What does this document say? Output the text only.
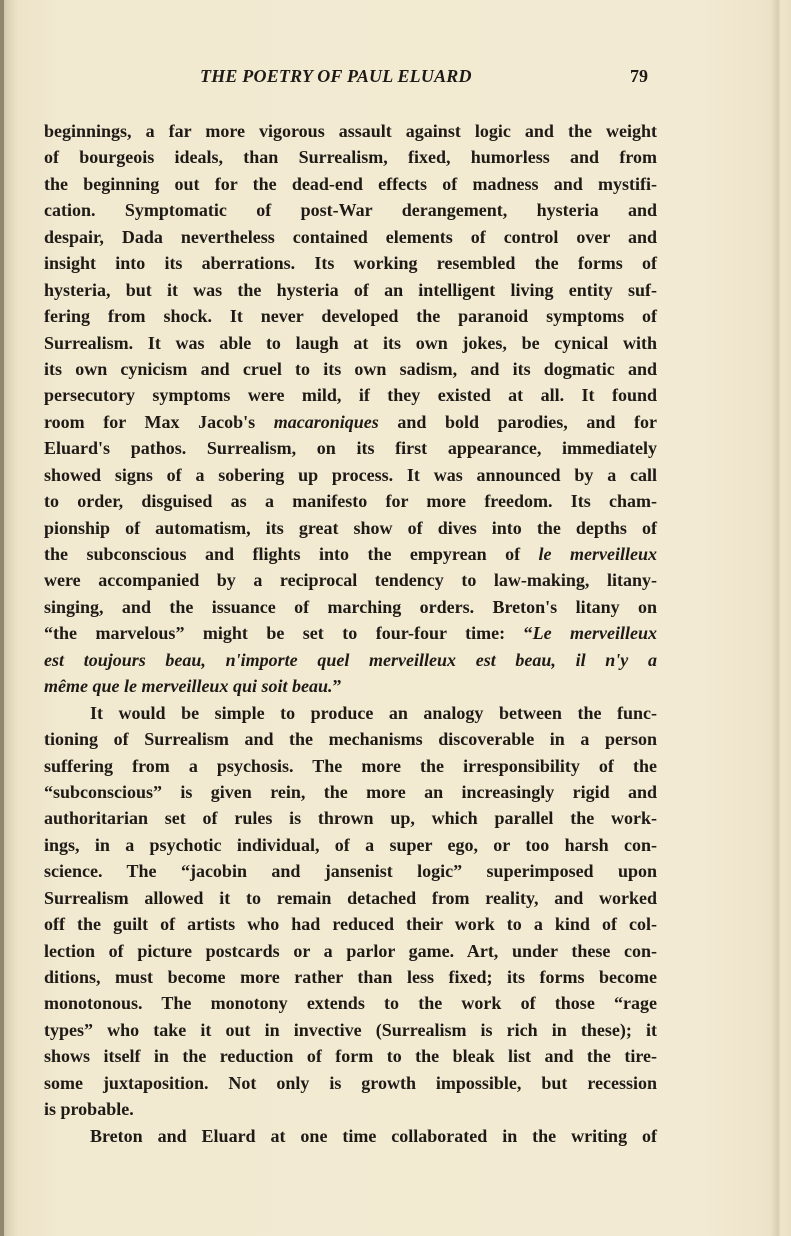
THE POETRY OF PAUL ELUARD	79
beginnings, a far more vigorous assault against logic and the weight
of bourgeois ideals, than Surrealism, fixed, humorless and from
the beginning out for the dead-end effects of madness and mystifi-
cation. Symptomatic of post-War derangement, hysteria and
despair, Dada nevertheless contained elements of control over and
insight into its aberrations. Its working resembled the forms of
hysteria, but it was the hysteria of an intelligent living entity suf-
fering from shock. It never developed the paranoid symptoms of
Surrealism. It was able to laugh at its own jokes, be cynical with
its own cynicism and cruel to its own sadism, and its dogmatic and
persecutory symptoms were mild, if they existed at all. It found
room for Max Jacob's macaroniques and bold parodies, and for
Eluard's pathos. Surrealism, on its first appearance, immediately
showed signs of a sobering up process. It was announced by a call
to order, disguised as a manifesto for more freedom. Its cham-
pionship of automatism, its great show of dives into the depths of
the subconscious and flights into the empyrean of le merveilleux
were accompanied by a reciprocal tendency to law-making, litany-
singing, and the issuance of marching orders. Breton's litany on
“the marvelous” might be set to four-four time: “Le merveilleux
est toujours beau, n'importe quel merveilleux est beau, il n'y a
même que le merveilleux qui soit beau.”
It would be simple to produce an analogy between the func-
tioning of Surrealism and the mechanisms discoverable in a person
suffering from a psychosis. The more the irresponsibility of the
“subconscious” is given rein, the more an increasingly rigid and
authoritarian set of rules is thrown up, which parallel the work-
ings, in a psychotic individual, of a super ego, or too harsh con-
science. The “jacobin and jansenist logic” superimposed upon
Surrealism allowed it to remain detached from reality, and worked
off the guilt of artists who had reduced their work to a kind of col-
lection of picture postcards or a parlor game. Art, under these con-
ditions, must become more rather than less fixed; its forms become
monotonous. The monotony extends to the work of those “rage
types” who take it out in invective (Surrealism is rich in these); it
shows itself in the reduction of form to the bleak list and the tire-
some juxtaposition. Not only is growth impossible, but recession
is probable.
Breton and Eluard at one time collaborated in the writing of
